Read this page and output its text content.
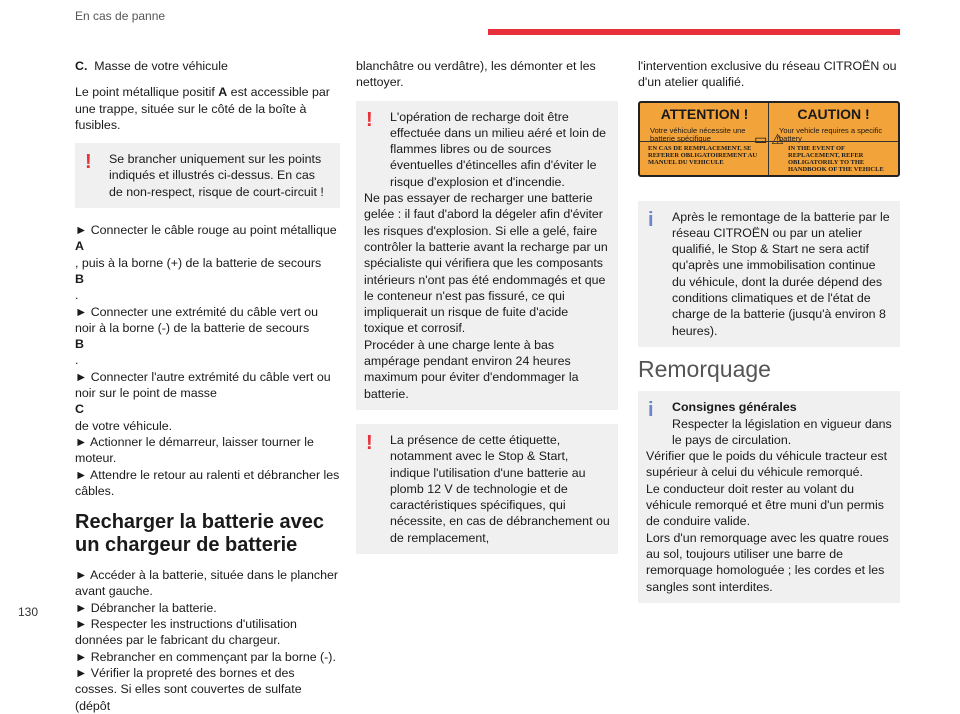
En cas de panne

C. Masse de votre véhicule

Le point métallique positif A est accessible par une trappe, située sur le côté de la boîte à fusibles.

!	Se brancher uniquement sur les points indiqués et illustrés ci-dessus. En cas de non-respect, risque de court-circuit !
► Connecter le câble rouge au point métallique
A
, puis à la borne (+) de la batterie de secours
B
.
► Connecter une extrémité du câble vert ou noir à la borne (-) de la batterie de secours
B
.
► Connecter l'autre extrémité du câble vert ou noir sur le point de masse
C
de votre véhicule.
► Actionner le démarreur, laisser tourner le moteur.
► Attendre le retour au ralenti et débrancher les câbles.
Recharger la batterie avec un chargeur de batterie
► Accéder à la batterie, située dans le plancher avant gauche.
► Débrancher la batterie.
► Respecter les instructions d'utilisation données par le fabricant du chargeur.
► Rebrancher en commençant par la borne (-).
► Vérifier la propreté des bornes et des cosses. Si elles sont couvertes de sulfate (dépôt

blanchâtre ou verdâtre), les démonter et les nettoyer.

!	L'opération de recharge doit être effectuée dans un milieu aéré et loin de flammes libres ou de sources éventuelles d'étincelles afin d'éviter le risque d'explosion et d'incendie.
Ne pas essayer de recharger une batterie gelée : il faut d'abord la dégeler afin d'éviter les risques d'explosion. Si elle a gelé, faire contrôler la batterie avant la recharge par un spécialiste qui vérifiera que les composants intérieurs n'ont pas été endommagés et que le conteneur n'est pas fissuré, ce qui impliquerait un risque de fuite d'acide toxique et corrosif.
Procéder à une charge lente à bas ampérage pendant environ 24 heures maximum pour éviter d'endommager la batterie.
!	La présence de cette étiquette, notamment avec le Stop & Start, indique l'utilisation d'une batterie au plomb 12 V de technologie et de caractéristiques spécifiques, qui nécessite, en cas de débranchement ou de remplacement,

l'intervention exclusive du réseau CITROËN ou d'un atelier qualifié.

ATTENTION !
Votre véhicule nécessite une batterie spécifique
CAUTION !
Your vehicle requires a specific battery
▭ ⚠
EN CAS DE REMPLACEMENT, SE REFERER OBLIGATOIREMENT AU MANUEL DU VEHICULE
IN THE EVENT OF REPLACEMENT, REFER OBLIGATORILY TO THE HANDBOOK OF THE VEHICLE
i	Après le remontage de la batterie par le réseau CITROËN ou par un atelier qualifié, le Stop & Start ne sera actif qu'après une immobilisation continue du véhicule, dont la durée dépend des conditions climatiques et de l'état de charge de la batterie (jusqu'à environ 8 heures).
Remorquage
i	Consignes générales
Respecter la législation en vigueur dans le pays de circulation.
Vérifier que le poids du véhicule tracteur est supérieur à celui du véhicule remorqué.
Le conducteur doit rester au volant du véhicule remorqué et être muni d'un permis de conduire valide.
Lors d'un remorquage avec les quatre roues au sol, toujours utiliser une barre de remorquage homologuée ; les cordes et les sangles sont interdites.
130
